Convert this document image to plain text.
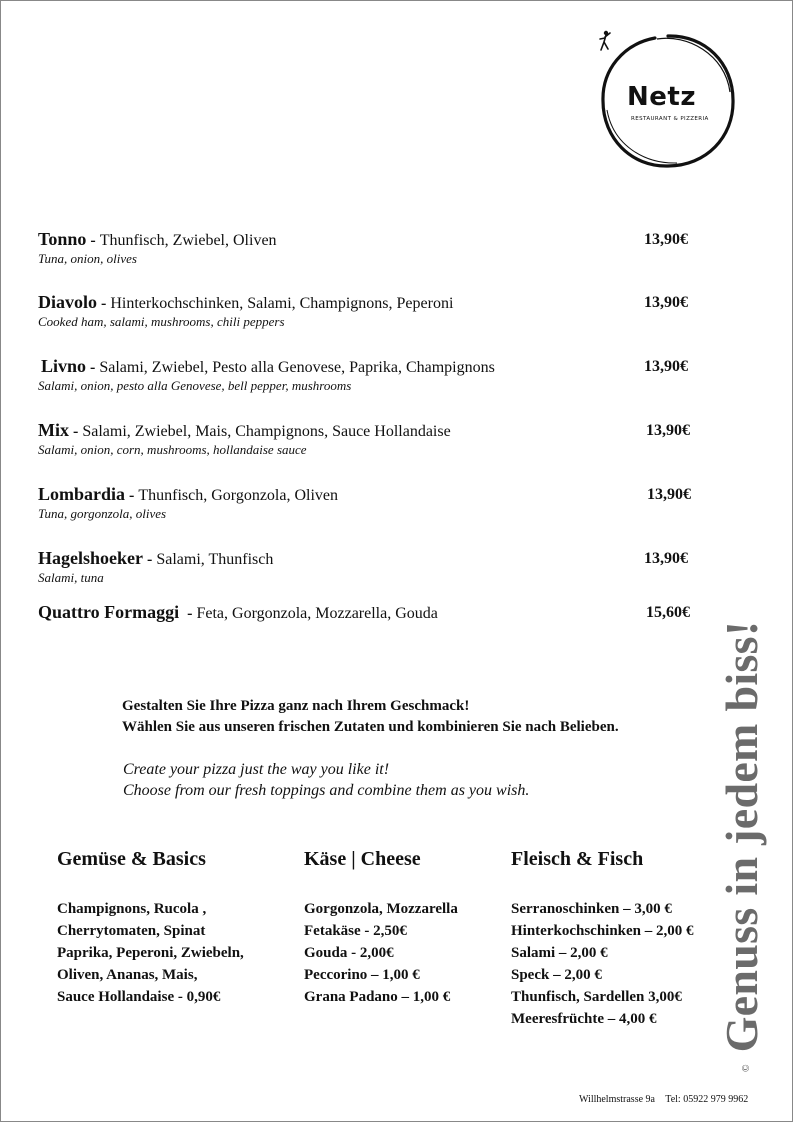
Netz
RESTAURANT & PIZZERIA
Tonno - Thunfisch, Zwiebel, Oliven
Tuna, onion, olives
13,90€
Diavolo - Hinterkochschinken, Salami, Champignons, Peperoni
Cooked ham, salami, mushrooms, chili peppers
13,90€
Livno - Salami, Zwiebel, Pesto alla Genovese, Paprika, Champignons
Salami, onion, pesto alla Genovese, bell pepper, mushrooms
13,90€
Mix - Salami, Zwiebel, Mais, Champignons, Sauce Hollandaise
Salami, onion, corn, mushrooms, hollandaise sauce
13,90€
Lombardia - Thunfisch, Gorgonzola, Oliven
Tuna, gorgonzola, olives
13,90€
Hagelshoeker - Salami, Thunfisch
Salami, tuna
13,90€
Quattro Formaggi  - Feta, Gorgonzola, Mozzarella, Gouda	15,60€
Gestalten Sie Ihre Pizza ganz nach Ihrem Geschmack!
Wählen Sie aus unseren frischen Zutaten und kombinieren Sie nach Belieben.
Create your pizza just the way you like it!
Choose from our fresh toppings and combine them as you wish.
Gemüse & Basics
Champignons, Rucola ,
Cherrytomaten, Spinat
Paprika, Peperoni, Zwiebeln,
Oliven, Ananas, Mais,
Sauce Hollandaise - 0,90€
Käse | Cheese
Gorgonzola, Mozzarella
Fetakäse - 2,50€
Gouda - 2,00€
Peccorino – 1,00 €
Grana Padano – 1,00 €
Fleisch & Fisch
Serranoschinken – 3,00 €
Hinterkochschinken – 2,00 €
Salami – 2,00 €
Speck – 2,00 €
Thunfisch, Sardellen 3,00€
Meeresfrüchte – 4,00 €
© Genuss in jedem biss!
Willhelmstrasse 9a Tel: 05922 979 9962
